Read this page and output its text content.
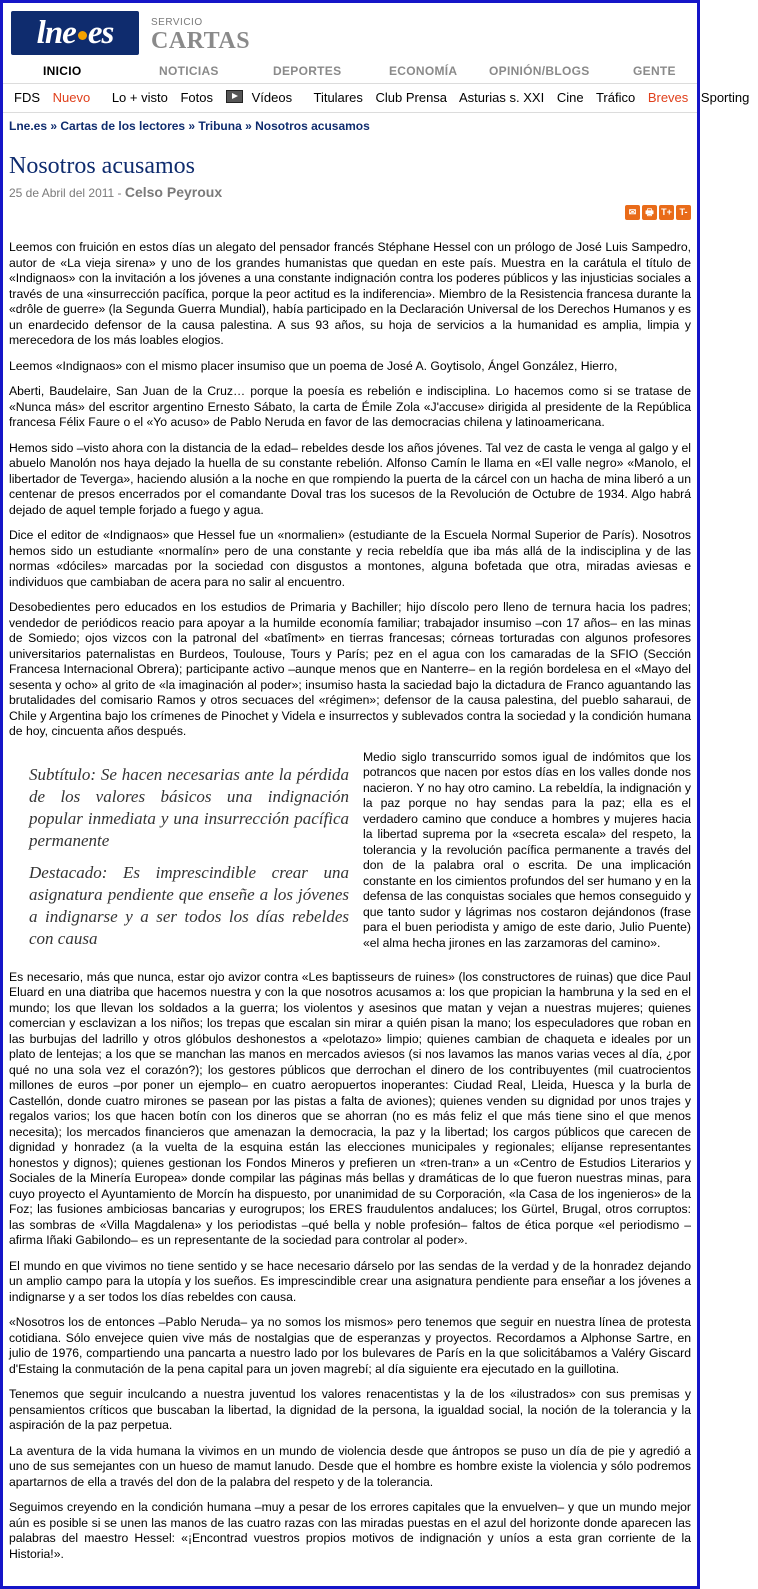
lne es	SERVICIO
CARTAS
INICIO	NOTICIAS	DEPORTES	ECONOMÍA	OPINIÓN/BLOGS	GENTE
FDS Nuevo Lo + visto Fotos	Vídeos Titulares Club Prensa Asturias s. XXI Cine Tráfico Breves Sporting
Lne.es » Cartas de los lectores » Tribuna » Nosotros acusamos
Nosotros acusamos
25 de Abril del 2011 - Celso Peyroux
✉ 🖶 T+ T-

Leemos con fruición en estos días un alegato del pensador francés Stéphane Hessel con un prólogo de José Luis Sampedro, autor de «La vieja sirena» y uno de los grandes humanistas que quedan en este país. Muestra en la carátula el título de «Indignaos» con la invitación a los jóvenes a una constante indignación contra los poderes públicos y las injusticias sociales a través de una «insurrección pacífica, porque la peor actitud es la indiferencia». Miembro de la Resistencia francesa durante la «drôle de guerre» (la Segunda Guerra Mundial), había participado en la Declaración Universal de los Derechos Humanos y es un enardecido defensor de la causa palestina. A sus 93 años, su hoja de servicios a la humanidad es amplia, limpia y merecedora de los más loables elogios.

Leemos «Indignaos» con el mismo placer insumiso que un poema de José A. Goytisolo, Ángel González, Hierro,

Aberti, Baudelaire, San Juan de la Cruz… porque la poesía es rebelión e indisciplina. Lo hacemos como si se tratase de «Nunca más» del escritor argentino Ernesto Sábato, la carta de Émile Zola «J'accuse» dirigida al presidente de la República francesa Félix Faure o el «Yo acuso» de Pablo Neruda en favor de las democracias chilena y latinoamericana.

Hemos sido –visto ahora con la distancia de la edad– rebeldes desde los años jóvenes. Tal vez de casta le venga al galgo y el abuelo Manolón nos haya dejado la huella de su constante rebelión. Alfonso Camín le llama en «El valle negro» «Manolo, el libertador de Teverga», haciendo alusión a la noche en que rompiendo la puerta de la cárcel con un hacha de mina liberó a un centenar de presos encerrados por el comandante Doval tras los sucesos de la Revolución de Octubre de 1934. Algo habrá dejado de aquel temple forjado a fuego y agua.

Dice el editor de «Indignaos» que Hessel fue un «normalien» (estudiante de la Escuela Normal Superior de París). Nosotros hemos sido un estudiante «normalín» pero de una constante y recia rebeldía que iba más allá de la indisciplina y de las normas «dóciles» marcadas por la sociedad con disgustos a montones, alguna bofetada que otra, miradas aviesas e individuos que cambiaban de acera para no salir al encuentro.

Desobedientes pero educados en los estudios de Primaria y Bachiller; hijo díscolo pero lleno de ternura hacia los padres; vendedor de periódicos reacio para apoyar a la humilde economía familiar; trabajador insumiso –con 17 años– en las minas de Somiedo; ojos vizcos con la patronal del «batîment» en tierras francesas; córneas torturadas con algunos profesores universitarios paternalistas en Burdeos, Toulouse, Tours y París; pez en el agua con los camaradas de la SFIO (Sección Francesa Internacional Obrera); participante activo –aunque menos que en Nanterre– en la región bordelesa en el «Mayo del sesenta y ocho» al grito de «la imaginación al poder»; insumiso hasta la saciedad bajo la dictadura de Franco aguantando las brutalidades del comisario Ramos y otros secuaces del «régimen»; defensor de la causa palestina, del pueblo saharaui, de Chile y Argentina bajo los crímenes de Pinochet y Videla e insurrectos y sublevados contra la sociedad y la condición humana de hoy, cincuenta años después.

Subtítulo: Se hacen necesarias ante la pérdida de los valores básicos una indignación popular inmediata y una insurrección pacífica permanente

Destacado: Es imprescindible crear una asignatura pendiente que enseñe a los jóvenes a indignarse y a ser todos los días rebeldes con causa

Medio siglo transcurrido somos igual de indómitos que los potrancos que nacen por estos días en los valles donde nos nacieron. Y no hay otro camino. La rebeldía, la indignación y la paz porque no hay sendas para la paz; ella es el verdadero camino que conduce a hombres y mujeres hacia la libertad suprema por la «secreta escala» del respeto, la tolerancia y la revolución pacífica permanente a través del don de la palabra oral o escrita. De una implicación constante en los cimientos profundos del ser humano y en la defensa de las conquistas sociales que hemos conseguido y que tanto sudor y lágrimas nos costaron dejándonos (frase para el buen periodista y amigo de este dario, Julio Puente) «el alma hecha jirones en las zarzamoras del camino».

Es necesario, más que nunca, estar ojo avizor contra «Les baptisseurs de ruines» (los constructores de ruinas) que dice Paul Eluard en una diatriba que hacemos nuestra y con la que nosotros acusamos a: los que propician la hambruna y la sed en el mundo; los que llevan los soldados a la guerra; los violentos y asesinos que matan y vejan a nuestras mujeres; quienes comercian y esclavizan a los niños; los trepas que escalan sin mirar a quién pisan la mano; los especuladores que roban en las burbujas del ladrillo y otros glóbulos deshonestos a «pelotazo» limpio; quienes cambian de chaqueta e ideales por un plato de lentejas; a los que se manchan las manos en mercados aviesos (si nos lavamos las manos varias veces al día, ¿por qué no una sola vez el corazón?); los gestores públicos que derrochan el dinero de los contribuyentes (mil cuatrocientos millones de euros –por poner un ejemplo– en cuatro aeropuertos inoperantes: Ciudad Real, Lleida, Huesca y la burla de Castellón, donde cuatro mirones se pasean por las pistas a falta de aviones); quienes venden su dignidad por unos trajes y regalos varios; los que hacen botín con los dineros que se ahorran (no es más feliz el que más tiene sino el que menos necesita); los mercados financieros que amenazan la democracia, la paz y la libertad; los cargos públicos que carecen de dignidad y honradez (a la vuelta de la esquina están las elecciones municipales y regionales; elíjanse representantes honestos y dignos); quienes gestionan los Fondos Mineros y prefieren un «tren-tran» a un «Centro de Estudios Literarios y Sociales de la Minería Europea» donde compilar las páginas más bellas y dramáticas de lo que fueron nuestras minas, para cuyo proyecto el Ayuntamiento de Morcín ha dispuesto, por unanimidad de su Corporación, «la Casa de los ingenieros» de la Foz; las fusiones ambiciosas bancarias y eurogrupos; los ERES fraudulentos andaluces; los Gürtel, Brugal, otros corruptos: las sombras de «Villa Magdalena» y los periodistas –qué bella y noble profesión– faltos de ética porque «el periodismo –afirma Iñaki Gabilondo– es un representante de la sociedad para controlar al poder».

El mundo en que vivimos no tiene sentido y se hace necesario dárselo por las sendas de la verdad y de la honradez dejando un amplio campo para la utopía y los sueños. Es imprescindible crear una asignatura pendiente para enseñar a los jóvenes a indignarse y a ser todos los días rebeldes con causa.

«Nosotros los de entonces –Pablo Neruda– ya no somos los mismos» pero tenemos que seguir en nuestra línea de protesta cotidiana. Sólo envejece quien vive más de nostalgias que de esperanzas y proyectos. Recordamos a Alphonse Sartre, en julio de 1976, compartiendo una pancarta a nuestro lado por los bulevares de París en la que solicitábamos a Valéry Giscard d'Estaing la conmutación de la pena capital para un joven magrebí; al día siguiente era ejecutado en la guillotina.

Tenemos que seguir inculcando a nuestra juventud los valores renacentistas y la de los «ilustrados» con sus premisas y pensamientos críticos que buscaban la libertad, la dignidad de la persona, la igualdad social, la noción de la tolerancia y la aspiración de la paz perpetua.

La aventura de la vida humana la vivimos en un mundo de violencia desde que ántropos se puso un día de pie y agredió a uno de sus semejantes con un hueso de mamut lanudo. Desde que el hombre es hombre existe la violencia y sólo podremos apartarnos de ella a través del don de la palabra del respeto y de la tolerancia.

Seguimos creyendo en la condición humana –muy a pesar de los errores capitales que la envuelven– y que un mundo mejor aún es posible si se unen las manos de las cuatro razas con las miradas puestas en el azul del horizonte donde aparecen las palabras del maestro Hessel: «¡Encontrad vuestros propios motivos de indignación y uníos a esta gran corriente de la Historia!».
